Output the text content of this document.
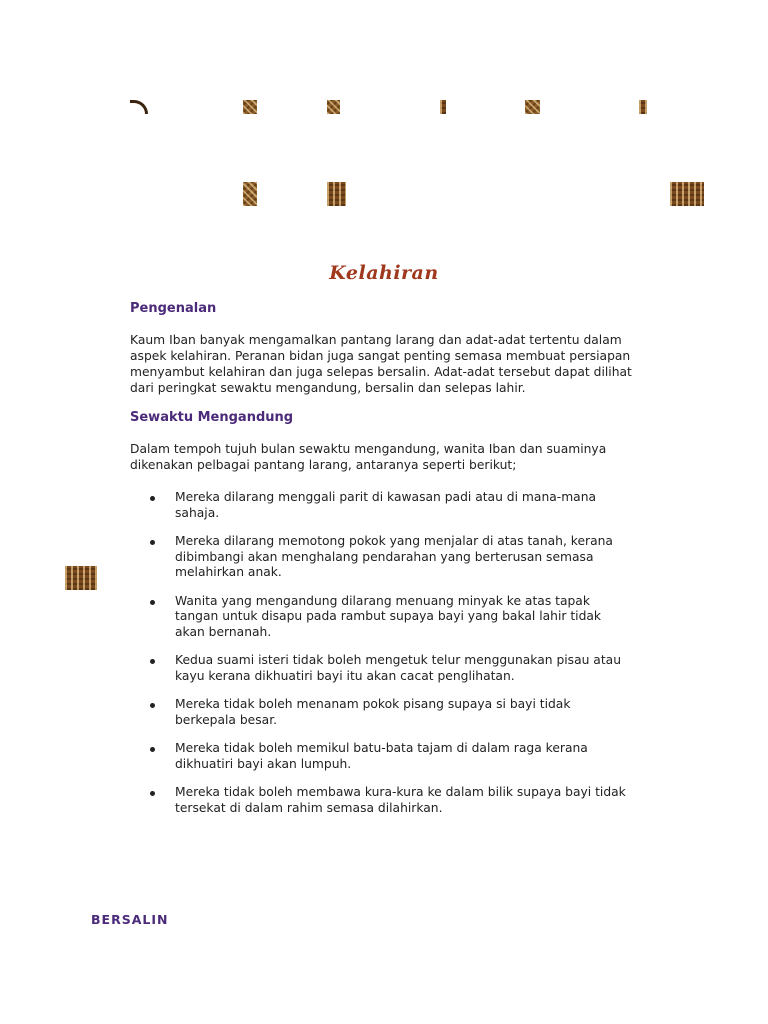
Kelahiran
Pengenalan

Kaum Iban banyak mengamalkan pantang larang dan adat-adat tertentu dalam aspek kelahiran. Peranan bidan juga sangat penting semasa membuat persiapan menyambut kelahiran dan juga selepas bersalin. Adat-adat tersebut dapat dilihat dari peringkat sewaktu mengandung, bersalin dan selepas lahir.

Sewaktu Mengandung

Dalam tempoh tujuh bulan sewaktu mengandung, wanita Iban dan suaminya dikenakan pelbagai pantang larang, antaranya seperti berikut;

Mereka dilarang menggali parit di kawasan padi atau di mana-mana sahaja.
Mereka dilarang memotong pokok yang menjalar di atas tanah, kerana dibimbangi akan menghalang pendarahan yang berterusan semasa melahirkan anak.
Wanita yang mengandung dilarang menuang minyak ke atas tapak tangan untuk disapu pada rambut supaya bayi yang bakal lahir tidak akan bernanah.
Kedua suami isteri tidak boleh mengetuk telur menggunakan pisau atau kayu kerana dikhuatiri bayi itu akan cacat penglihatan.
Mereka tidak boleh menanam pokok pisang supaya si bayi tidak berkepala besar.
Mereka tidak boleh memikul batu-bata tajam di dalam raga kerana dikhuatiri bayi akan lumpuh.
Mereka tidak boleh membawa kura-kura ke dalam bilik supaya bayi tidak tersekat di dalam rahim semasa dilahirkan.
BERSALIN
